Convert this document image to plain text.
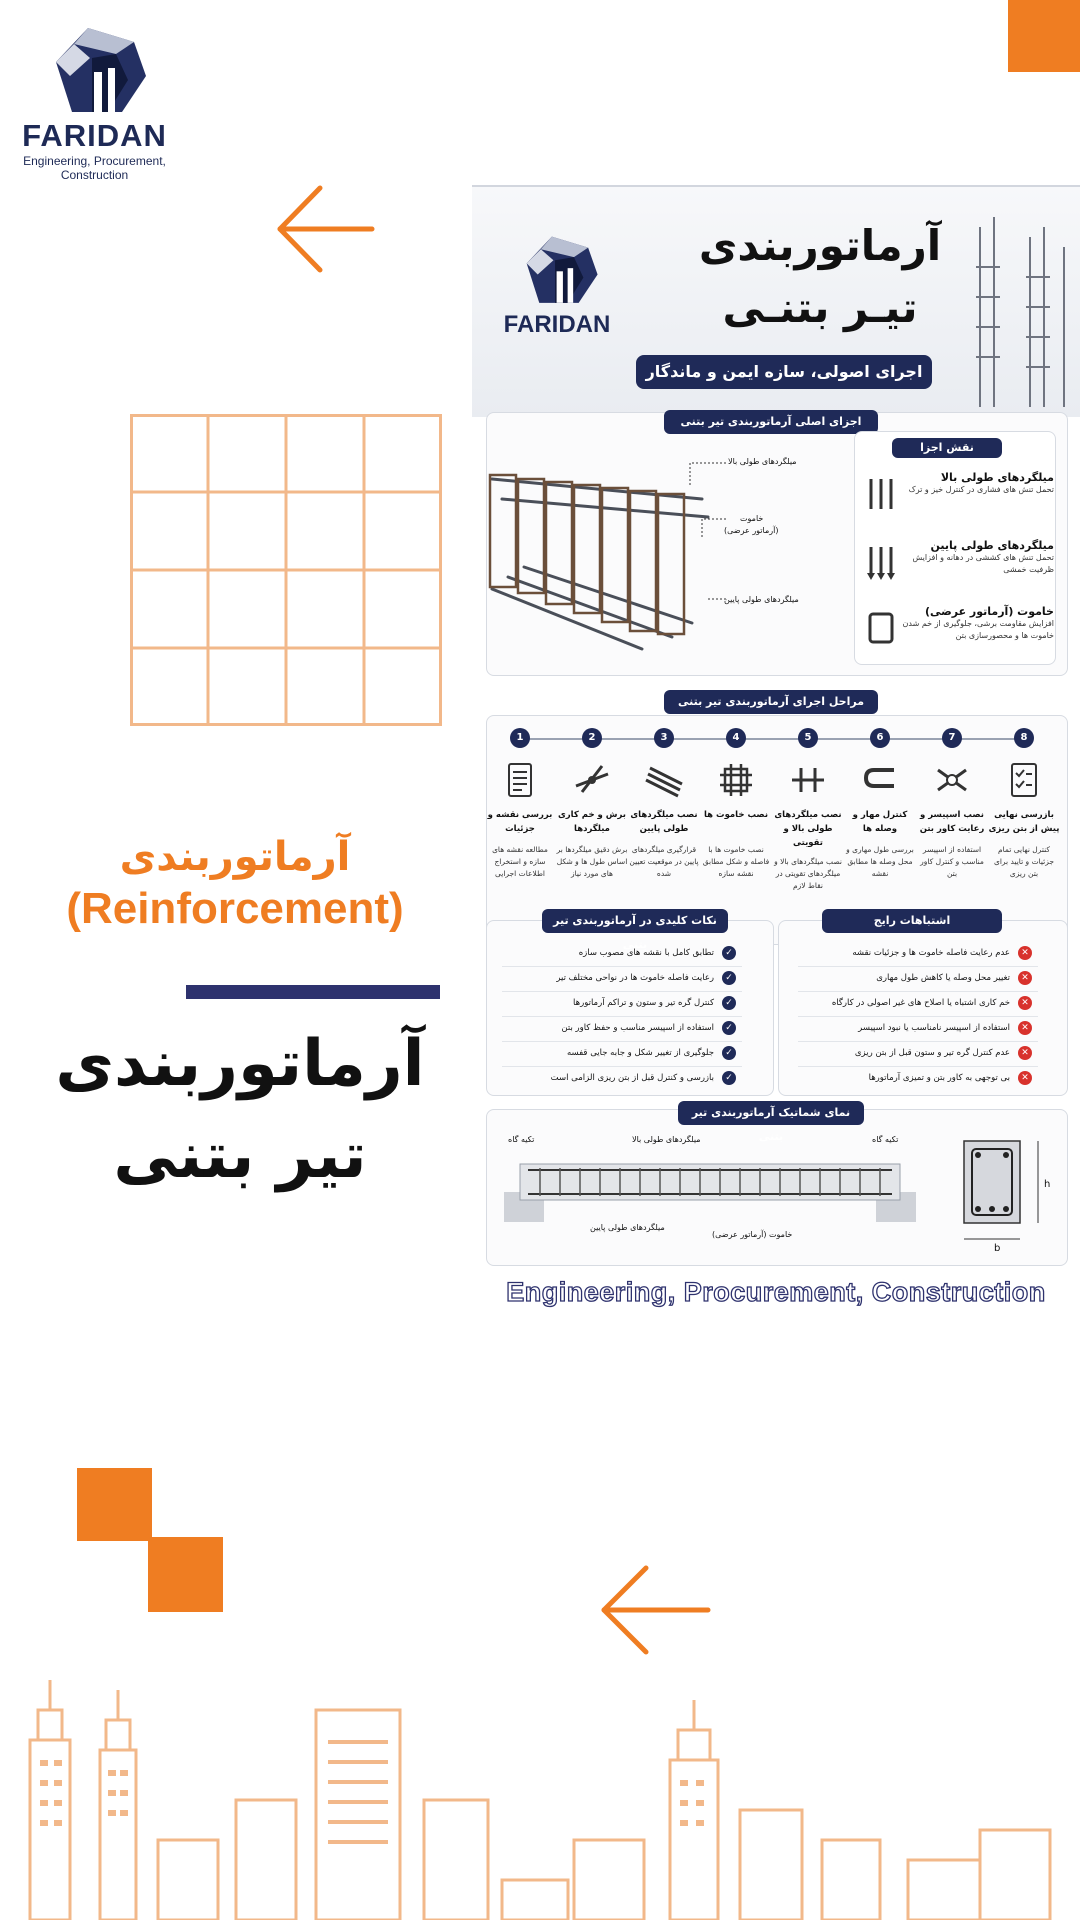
FARIDAN
Engineering, Procurement,
Construction
آرماتوربندی
(Reinforcement)
آرماتوربندی
تیر بتنی
FARIDAN
آرماتوربندی
تیـر بتنـی
اجرای اصولی، سازه ایمن و ماندگار
اجزای اصلی آرماتوربندی تیر بتنی
میلگردهای طولی بالا
خاموت
(آرماتور عرضی)
میلگردهای طولی پایین
نقش اجزا
میلگردهای طولی بالا
تحمل تنش های فشاری در کنترل خیز و ترک
میلگردهای طولی پایین
تحمل تنش های کششی در دهانه و افزایش ظرفیت خمشی
خاموت (آرماتور عرضی)
افزایش مقاومت برشی، جلوگیری از خم شدن خاموت ها و محصورسازی بتن
مراحل اجرای آرماتوربندی تیر بتنی
8
بازرسی نهایی پیش از بتن ریزی
کنترل نهایی تمام جزئیات و تایید برای بتن ریزی
7
نصب اسپیسر و رعایت کاور بتن
استفاده از اسپیسر مناسب و کنترل کاور بتن
6
کنترل مهار و وصله ها
بررسی طول مهاری و محل وصله ها مطابق نقشه
5
نصب میلگردهای طولی بالا و تقویتی
نصب میلگردهای بالا و میلگردهای تقویتی در نقاط لازم
4
نصب خاموت ها
نصب خاموت ها با فاصله و شکل مطابق نقشه سازه
3
نصب میلگردهای طولی پایین
قرارگیری میلگردهای پایین در موقعیت تعیین شده
2
برش و خم کاری میلگردها
برش دقیق میلگردها بر اساس طول ها و شکل های مورد نیاز
1
بررسی نقشه و جزئیات
مطالعه نقشه های سازه و استخراج اطلاعات اجرایی
نکات کلیدی در آرماتوربندی تیر بتنی
✓تطابق کامل با نقشه های مصوب سازه
✓رعایت فاصله خاموت ها در نواحی مختلف تیر
✓کنترل گره تیر و ستون و تراکم آرماتورها
✓استفاده از اسپیسر مناسب و حفظ کاور بتن
✓جلوگیری از تغییر شکل و جابه جایی قفسه
✓بازرسی و کنترل قبل از بتن ریزی الزامی است
اشتباهات رایج
✕عدم رعایت فاصله خاموت ها و جزئیات نقشه
✕تغییر محل وصله یا کاهش طول مهاری
✕خم کاری اشتباه یا اصلاح های غیر اصولی در کارگاه
✕استفاده از اسپیسر نامناسب یا نبود اسپیسر
✕عدم کنترل گره تیر و ستون قبل از بتن ریزی
✕بی توجهی به کاور بتن و تمیزی آرماتورها
نمای شماتیک آرماتوربندی تیر بتنی
تکیه گاه	تکیه گاه
میلگردهای طولی بالا
میلگردهای طولی پایین
خاموت (آرماتور عرضی)
h
b
Engineering, Procurement, Construction
